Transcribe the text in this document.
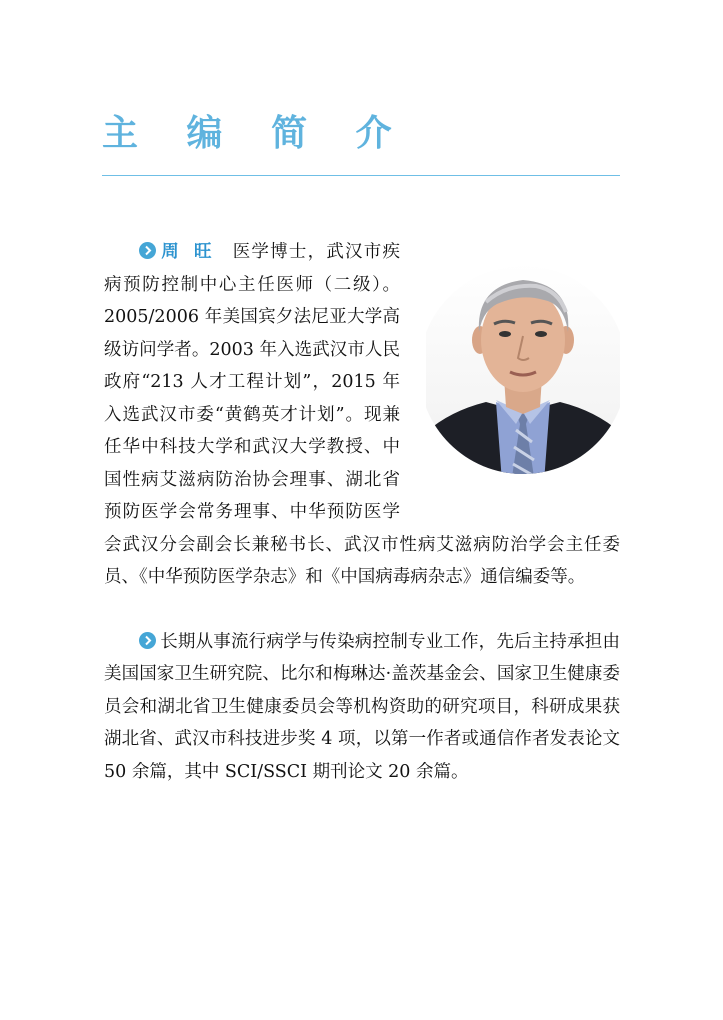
主 编 简 介

周旺 医学博士，武汉市疾病预防控制中心主任医师（二级）。2005/2006 年美国宾夕法尼亚大学高级访问学者。2003 年入选武汉市人民政府“213 人才工程计划”，2015 年入选武汉市委“黄鹤英才计划”。现兼任华中科技大学和武汉大学教授、中国性病艾滋病防治协会理事、湖北省预防医学会常务理事、中华预防医学会武汉分会副会长兼秘书长、武汉市性病艾滋病防治学会主任委员、《中华预防医学杂志》和《中国病毒病杂志》通信编委等。

长期从事流行病学与传染病控制专业工作，先后主持承担由美国国家卫生研究院、比尔和梅琳达·盖茨基金会、国家卫生健康委员会和湖北省卫生健康委员会等机构资助的研究项目，科研成果获湖北省、武汉市科技进步奖 4 项，以第一作者或通信作者发表论文 50 余篇，其中 SCI/SSCI 期刊论文 20 余篇。
